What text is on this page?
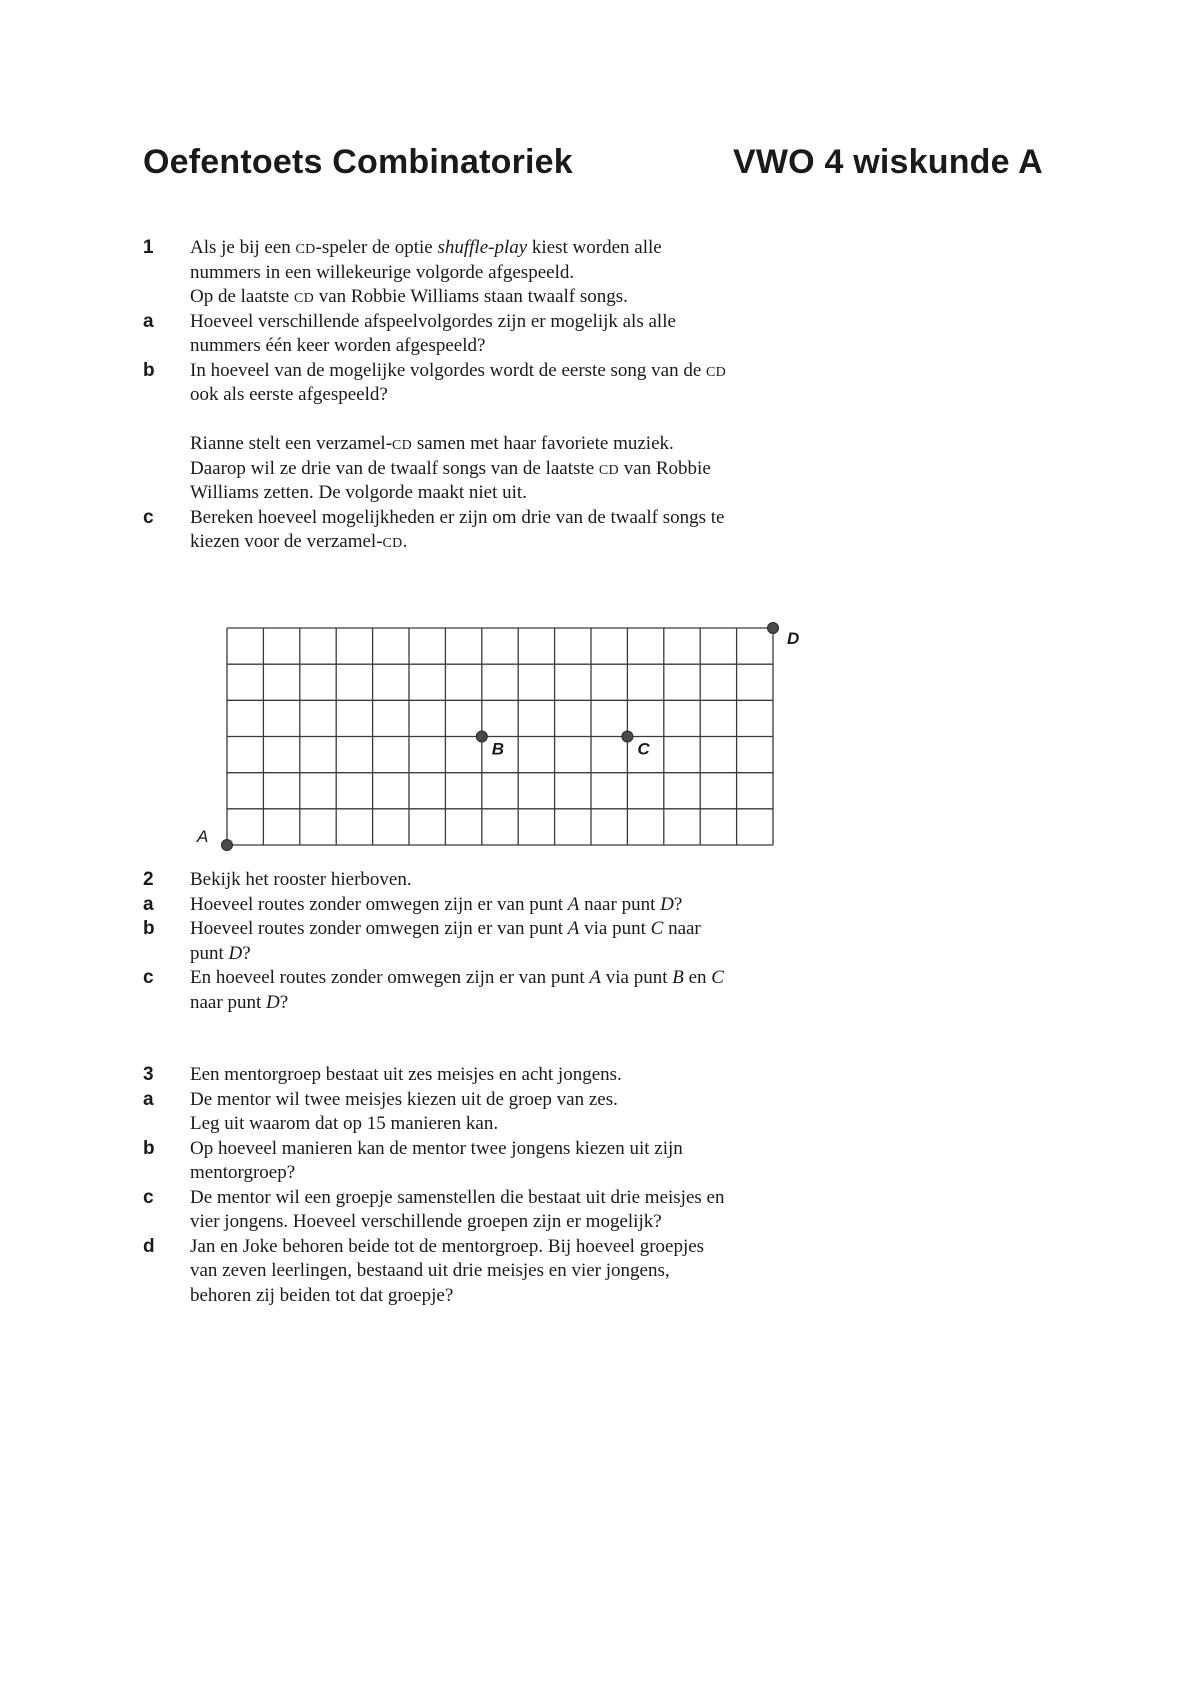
Oefentoets Combinatoriek	VWO 4 wiskunde A
1 Als je bij een CD-speler de optie shuffle-play kiest worden alle
nummers in een willekeurige volgorde afgespeeld.
Op de laatste CD van Robbie Williams staan twaalf songs.
a Hoeveel verschillende afspeelvolgordes zijn er mogelijk als alle
nummers één keer worden afgespeeld?
b In hoeveel van de mogelijke volgordes wordt de eerste song van de CD
ook als eerste afgespeeld?
Rianne stelt een verzamel-CD samen met haar favoriete muziek.
Daarop wil ze drie van de twaalf songs van de laatste CD van Robbie
Williams zetten. De volgorde maakt niet uit.
c Bereken hoeveel mogelijkheden er zijn om drie van de twaalf songs te
kiezen voor de verzamel-CD.
A
B	C
D
2 Bekijk het rooster hierboven.
a Hoeveel routes zonder omwegen zijn er van punt A naar punt D?
b Hoeveel routes zonder omwegen zijn er van punt A via punt C naar
punt D?
c En hoeveel routes zonder omwegen zijn er van punt A via punt B en C
naar punt D?
3 Een mentorgroep bestaat uit zes meisjes en acht jongens.
a De mentor wil twee meisjes kiezen uit de groep van zes.
Leg uit waarom dat op 15 manieren kan.
b Op hoeveel manieren kan de mentor twee jongens kiezen uit zijn
mentorgroep?
c De mentor wil een groepje samenstellen die bestaat uit drie meisjes en
vier jongens. Hoeveel verschillende groepen zijn er mogelijk?
d Jan en Joke behoren beide tot de mentorgroep. Bij hoeveel groepjes
van zeven leerlingen, bestaand uit drie meisjes en vier jongens,
behoren zij beiden tot dat groepje?
